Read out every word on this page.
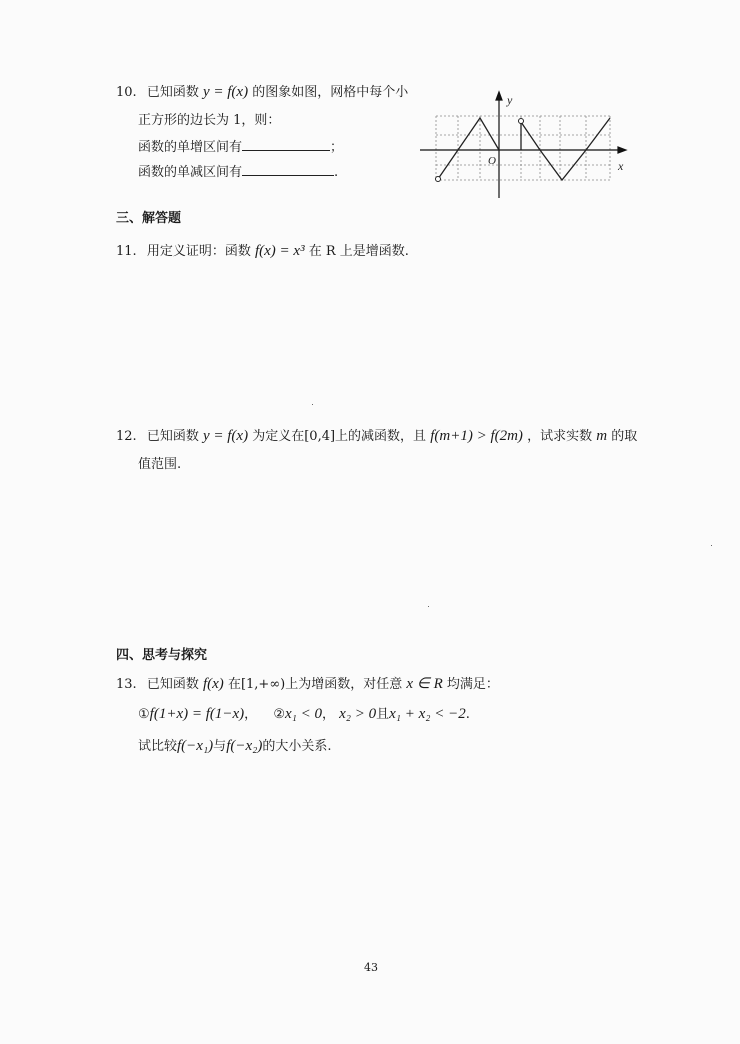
10. 已知函数 y = f(x) 的图象如图，网格中每个小
正方形的边长为 1，则：
函数的单增区间有	；
函数的单减区间有	.	x
y
O
三、解答题
11. 用定义证明：函数 f(x) = x³ 在 R 上是增函数.
12. 已知函数 y = f(x) 为定义在[0,4]上的减函数，且 f(m+1) > f(2m) ，试求实数 m 的取
值范围.
四、思考与探究
13. 已知函数 f(x) 在[1,+∞)上为增函数，对任意 x ∈ R 均满足：
①f(1+x) = f(1−x)， ②x₁ < 0， x₂ > 0且x₁ + x₂ < −2.
试比较f(−x₁)与f(−x₂)的大小关系.
43
